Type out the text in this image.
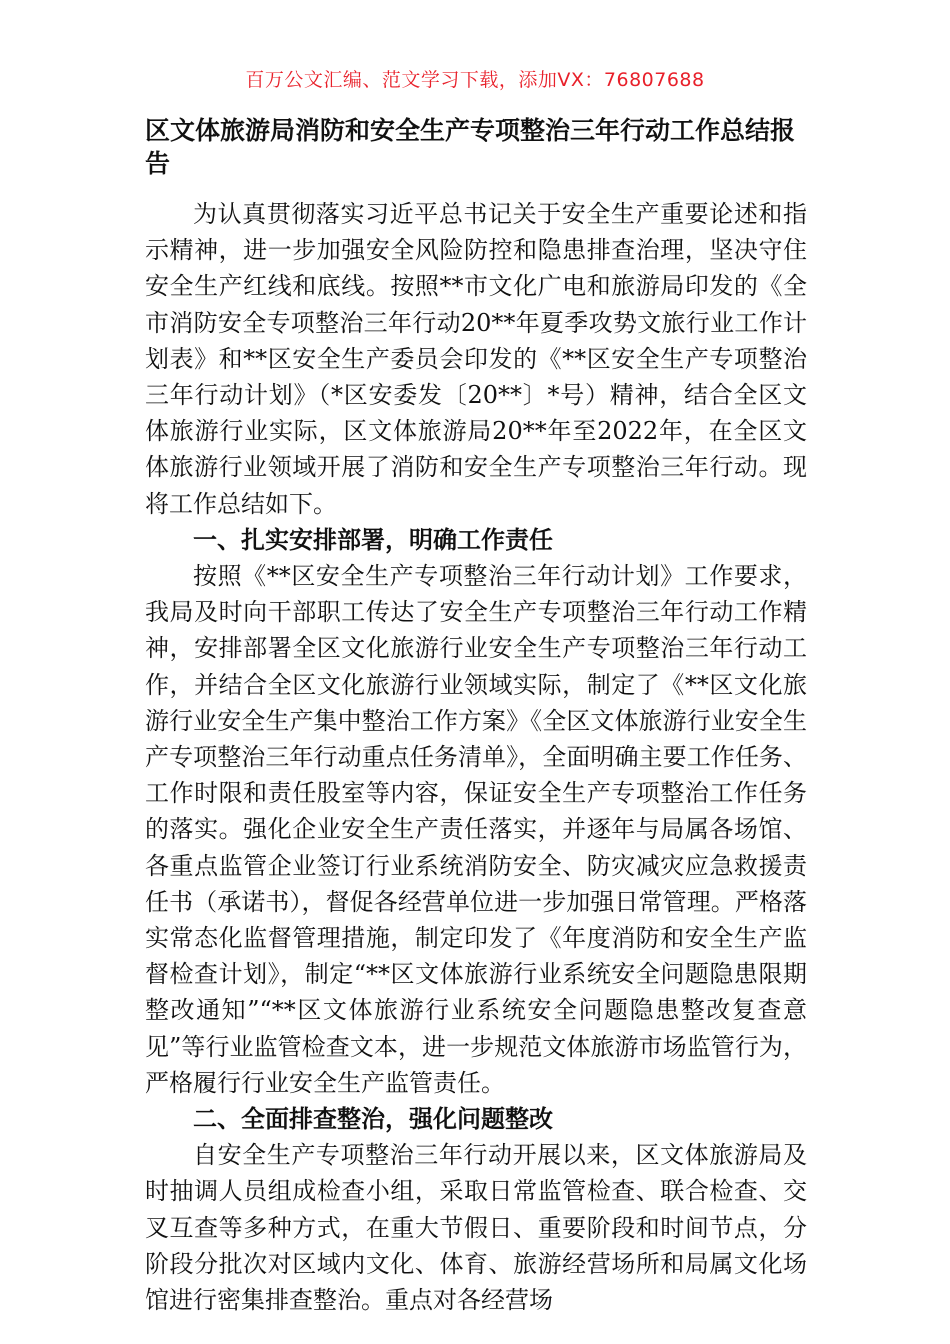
百万公文汇编、范文学习下载，添加VX：76807688
区文体旅游局消防和安全生产专项整治三年行动工作总结报告

为认真贯彻落实习近平总书记关于安全生产重要论述和指示精神，进一步加强安全风险防控和隐患排查治理，坚决守住安全生产红线和底线。按照**市文化广电和旅游局印发的《全市消防安全专项整治三年行动20**年夏季攻势文旅行业工作计划表》和**区安全生产委员会印发的《**区安全生产专项整治三年行动计划》（*区安委发〔20**〕*号）精神，结合全区文体旅游行业实际，区文体旅游局20**年至2022年，在全区文体旅游行业领域开展了消防和安全生产专项整治三年行动。现将工作总结如下。

一、扎实安排部署，明确工作责任

按照《**区安全生产专项整治三年行动计划》工作要求，我局及时向干部职工传达了安全生产专项整治三年行动工作精神，安排部署全区文化旅游行业安全生产专项整治三年行动工作，并结合全区文化旅游行业领域实际，制定了《**区文化旅游行业安全生产集中整治工作方案》《全区文体旅游行业安全生产专项整治三年行动重点任务清单》，全面明确主要工作任务、工作时限和责任股室等内容，保证安全生产专项整治工作任务的落实。强化企业安全生产责任落实，并逐年与局属各场馆、各重点监管企业签订行业系统消防安全、防灾减灾应急救援责任书（承诺书），督促各经营单位进一步加强日常管理。严格落实常态化监督管理措施，制定印发了《年度消防和安全生产监督检查计划》，制定“**区文体旅游行业系统安全问题隐患限期整改通知”“**区文体旅游行业系统安全问题隐患整改复查意见”等行业监管检查文本，进一步规范文体旅游市场监管行为，严格履行行业安全生产监管责任。

二、全面排查整治，强化问题整改

自安全生产专项整治三年行动开展以来，区文体旅游局及时抽调人员组成检查小组，采取日常监管检查、联合检查、交叉互查等多种方式，在重大节假日、重要阶段和时间节点，分阶段分批次对区域内文化、体育、旅游经营场所和局属文化场馆进行密集排查整治。重点对各经营场
